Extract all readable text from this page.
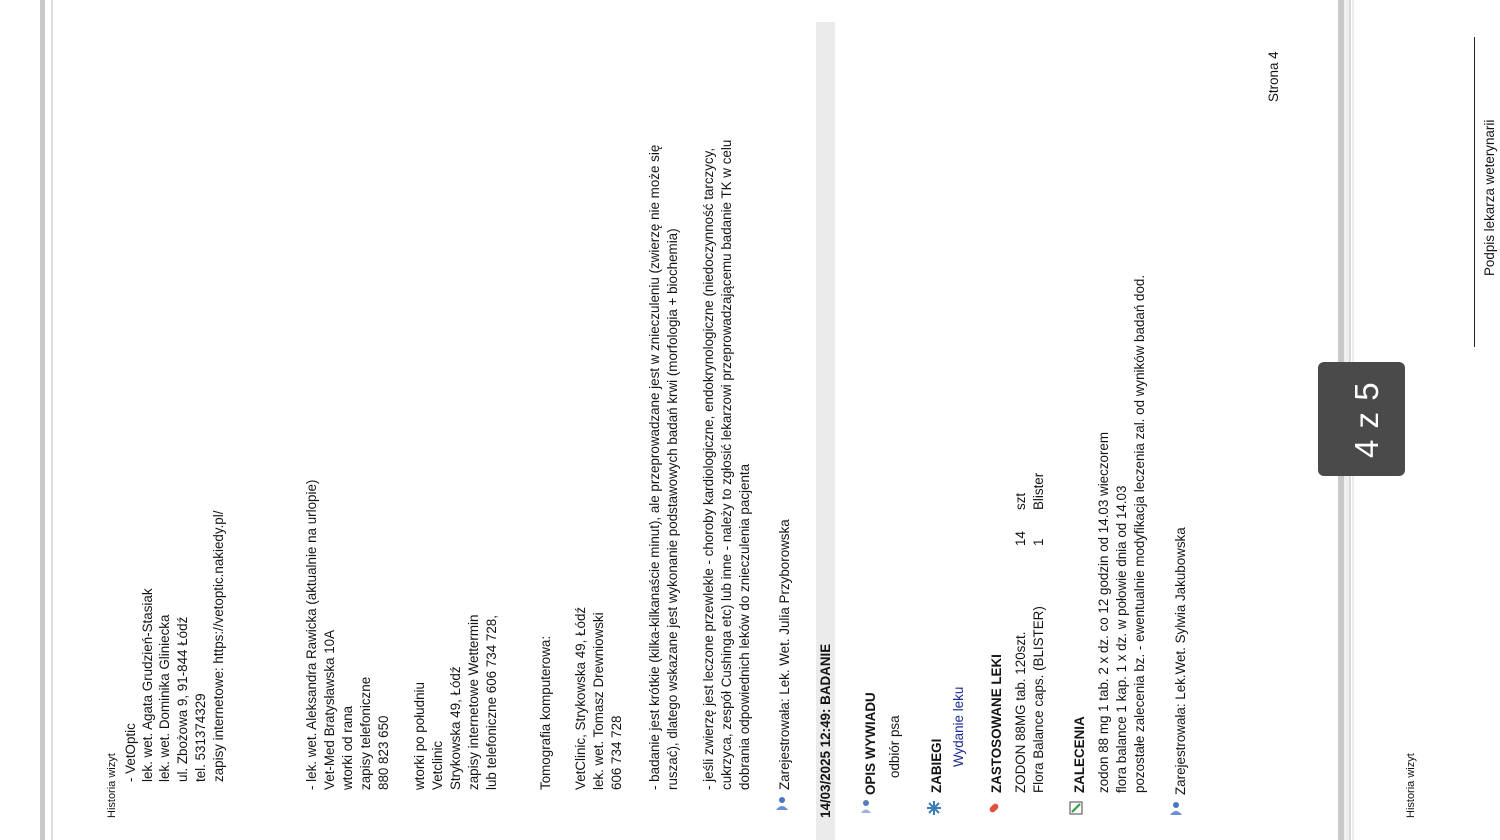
Historia wizyt
- VetOptic lek. wet. Agata Grudzień-Stasiak lek. wet. Dominika Gliniecka ul. Zbożowa 9, 91-844 Łódź tel. 531374329 zapisy internetowe: https://vetoptic.nakiedy.pl/	- lek. wet. Aleksandra Rawicka (aktualnie na urlopie) Vet-Med Bratysławska 10A wtorki od rana zapisy telefoniczne 880 823 650 wtorki po południu Vetclinic Strykowska 49, Łódź zapisy internetowe Wettermin lub telefoniczne 606 734 728,	Tomografia komputerowa: VetClinic, Strykowska 49, Łódź lek. wet. Tomasz Drewniowski 606 734 728 - badanie jest krótkie (kilka-kilkanaście minut), ale przeprowadzane jest w znieczuleniu (zwierzę nie może się ruszać), dlatego wskazane jest wykonanie podstawowych badań krwi (morfologia + biochemia) - jeśli zwierzę jest leczone przewlekle - choroby kardiologiczne, endokrynologiczne (niedoczynność tarczycy, cukrzyca, zespół Cushinga etc) lub inne - należy to zgłosić lekarzowi przeprowadzającemu badanie TK w celu dobrania odpowiednich leków do znieczulenia pacjenta Zarejestrowała: Lek. Wet. Julia Przyborowska 14/03/2025 12:49: BADANIE OPIS WYWIADU odbiór psa ZABIEGI Wydanie leku ZASTOSOWANE LEKI ZODON 88MG tab. 120szt.
14
szt
Flora Balance caps. (BLISTER)
1
Blister
ZALECENIA zodon 88 mg 1 tab. 2 x dz. co 12 godzin od 14.03 wieczorem flora balance 1 kap. 1 x dz. w połowie dnia od 14.03 pozostałe zalecenia bz. - ewentualnie modyfikacja leczenia zal. od wyników badań dod. Zarejestrowała: Lek.Wet. Sylwia Jakubowska
Strona 4
Historia wizyt
Podpis lekarza weterynarii
4 z 5
